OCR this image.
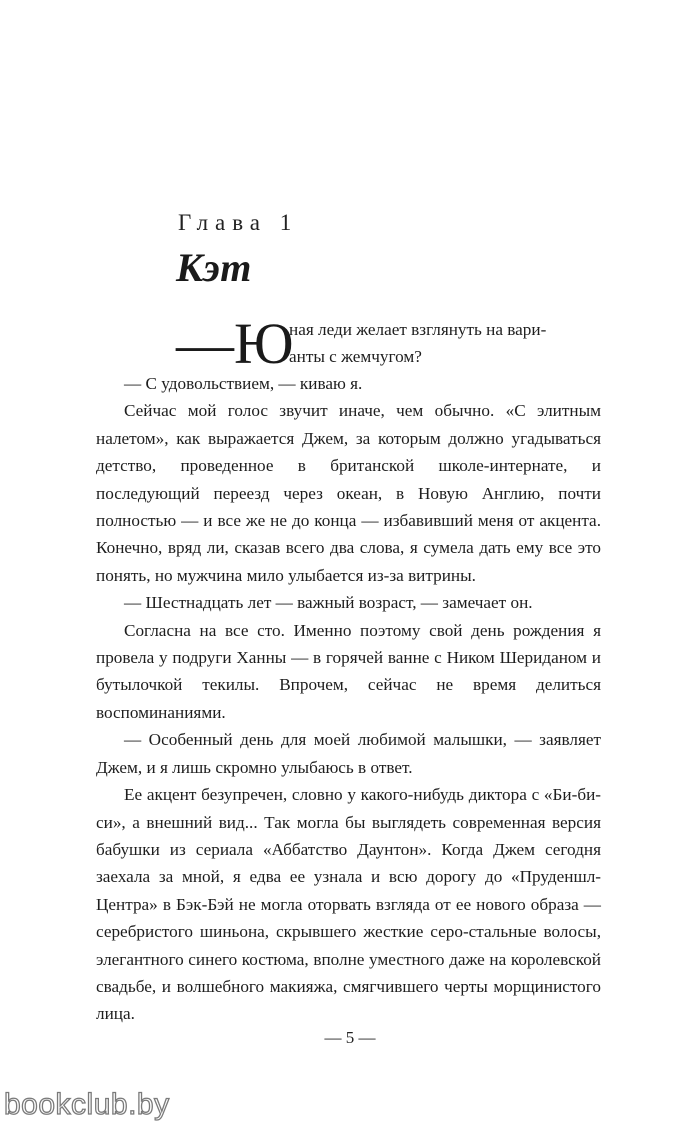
Глава 1
Кэт
—Ю
ная леди желает взглянуть на вари-
анты с жемчугом?

— С удовольствием, — киваю я.

Сейчас мой голос звучит иначе, чем обычно. «С элитным налетом», как выражается Джем, за которым должно угадываться детство, проведенное в британской школе-интернате, и последующий переезд через океан, в Новую Англию, почти полностью — и все же не до конца — избавивший меня от акцента. Конечно, вряд ли, сказав всего два слова, я сумела дать ему все это понять, но мужчина мило улыбается из-за витрины.

— Шестнадцать лет — важный возраст, — замечает он.

Согласна на все сто. Именно поэтому свой день рождения я провела у подруги Ханны — в горячей ванне с Ником Шериданом и бутылочкой текилы. Впрочем, сейчас не время делиться воспоминаниями.

— Особенный день для моей любимой малышки, — заявляет Джем, и я лишь скромно улыбаюсь в ответ.

Ее акцент безупречен, словно у какого-нибудь диктора с «Би-би-си», а внешний вид... Так могла бы выглядеть современная версия бабушки из сериала «Аббатство Даунтон». Когда Джем сегодня заехала за мной, я едва ее узнала и всю дорогу до «Пруденшл-Центра» в Бэк-Бэй не могла оторвать взгляда от ее нового образа — серебристого шиньона, скрывшего жесткие серо-стальные волосы, элегантного синего костюма, вполне уместного даже на королевской свадьбе, и волшебного макияжа, смягчившего черты морщинистого лица.

— 5 —
bookclub.by
